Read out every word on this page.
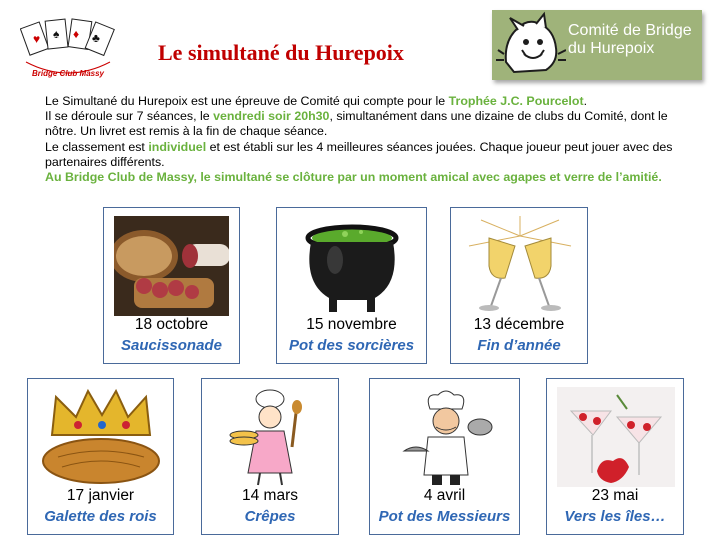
♥ ♠ ♦ ♣
Bridge Club Massy
Le simultané du Hurepoix
Comité de Bridge
du Hurepoix

Le Simultané du Hurepoix est une épreuve de Comité qui compte pour le Trophée J.C. Pourcelot.

Il se déroule sur 7 séances, le vendredi soir 20h30, simultanément dans une dizaine de clubs du Comité, dont le nôtre. Un livret est remis à la fin de chaque séance.

Le classement est individuel et est établi sur les 4 meilleures séances jouées. Chaque joueur peut jouer avec des partenaires différents.

Au Bridge Club de Massy, le simultané se clôture par un moment amical avec agapes et verre de l’amitié.

18 octobre
Saucissonade
15 novembre
Pot des sorcières
13 décembre
Fin d’année
17 janvier
Galette des rois
14 mars
Crêpes
4 avril
Pot des Messieurs
23 mai
Vers les îles…
